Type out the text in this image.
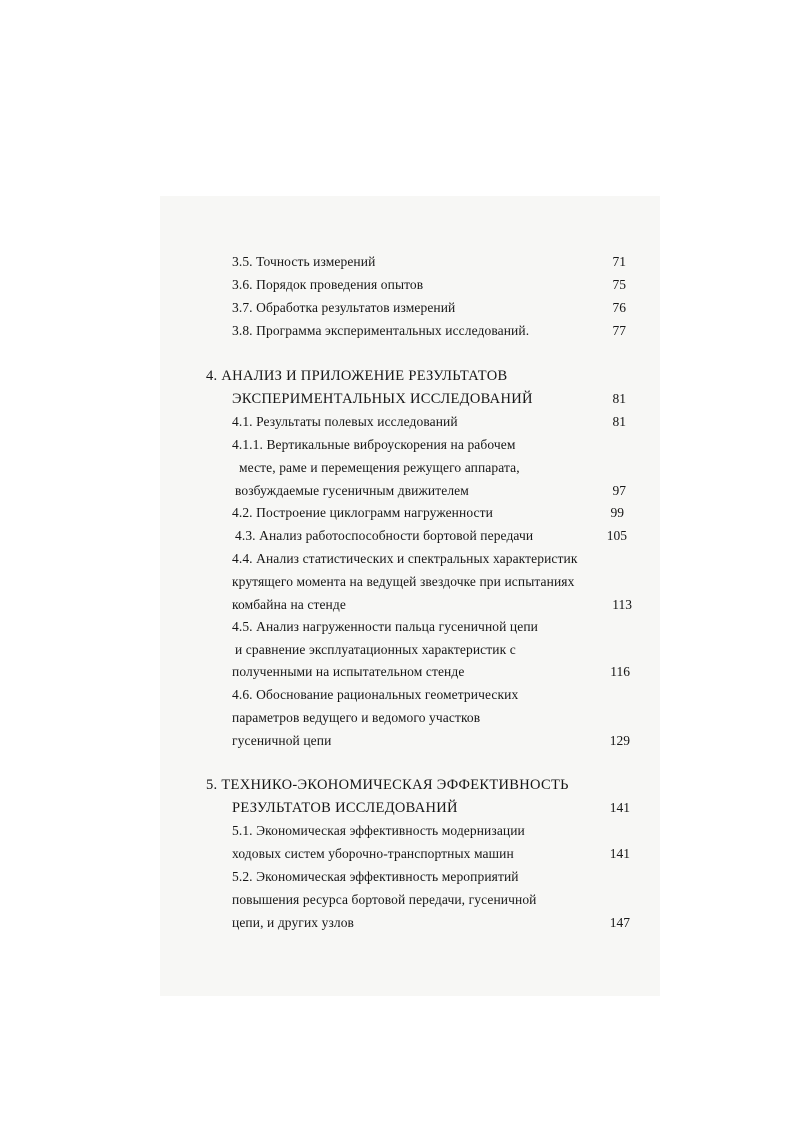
3.5. Точность измерений	71
3.6. Порядок проведения опытов	75
3.7. Обработка результатов измерений	76
3.8. Программа экспериментальных исследований.	77
4. АНАЛИЗ И ПРИЛОЖЕНИЕ РЕЗУЛЬТАТОВ
ЭКСПЕРИМЕНТАЛЬНЫХ ИССЛЕДОВАНИЙ	81
4.1. Результаты полевых исследований	81
4.1.1. Вертикальные виброускорения на рабочем
месте, раме и перемещения режущего аппарата,
возбуждаемые гусеничным движителем	97
4.2. Построение циклограмм нагруженности	99
4.3. Анализ работоспособности бортовой передачи	105
4.4. Анализ статистических и спектральных характеристик
крутящего момента на ведущей звездочке при испытаниях
комбайна на стенде	113
4.5. Анализ нагруженности пальца гусеничной цепи
и сравнение эксплуатационных характеристик с
полученными на испытательном стенде	116
4.6. Обоснование рациональных геометрических
параметров ведущего и ведомого участков
гусеничной цепи	129
5. ТЕХНИКО-ЭКОНОМИЧЕСКАЯ ЭФФЕКТИВНОСТЬ
РЕЗУЛЬТАТОВ ИССЛЕДОВАНИЙ	141
5.1. Экономическая эффективность модернизации
ходовых систем уборочно-транспортных машин	141
5.2. Экономическая эффективность мероприятий
повышения ресурса бортовой передачи, гусеничной
цепи, и других узлов	147
